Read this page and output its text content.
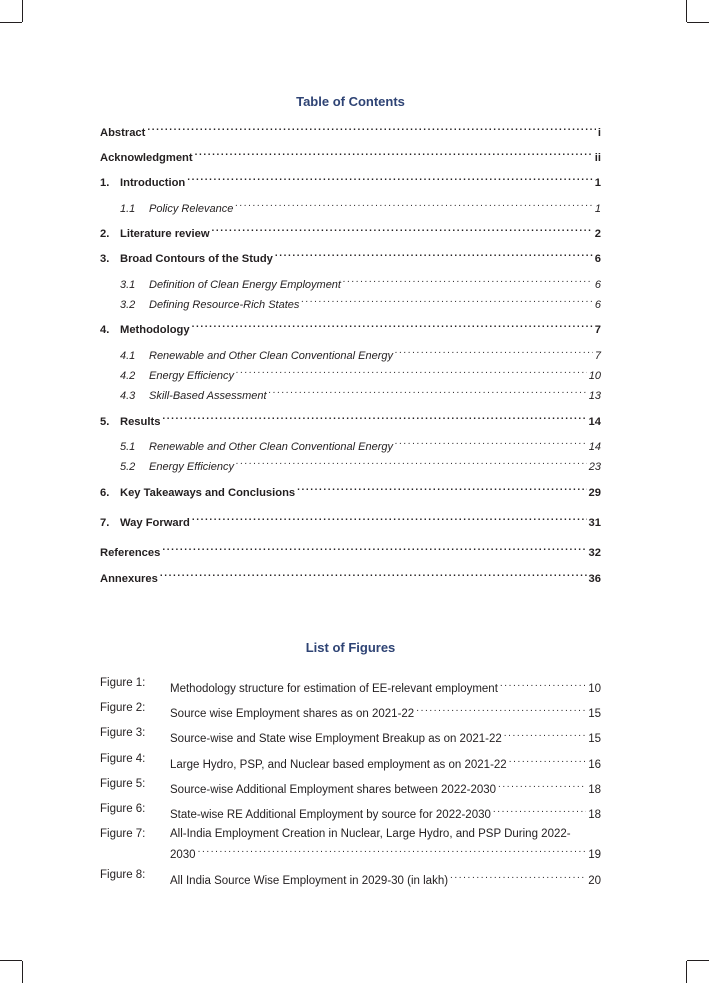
Table of Contents
Abstract .....	i
Acknowledgment .....	ii
1. Introduction .....	1
1.1	Policy Relevance .....	1
2. Literature review .....	2
3. Broad Contours of the Study .....	6
3.1	Definition of Clean Energy Employment .....	6
3.2	Defining Resource-Rich States .....	6
4. Methodology .....	7
4.1	Renewable and Other Clean Conventional Energy .....	7
4.2	Energy Efficiency .....	10
4.3	Skill-Based Assessment .....	13
5. Results .....	14
5.1	Renewable and Other Clean Conventional Energy .....	14
5.2	Energy Efficiency .....	23
6. Key Takeaways and Conclusions .....	29
7. Way Forward .....	31
References .....	32
Annexures .....	36
List of Figures
Figure 1: Methodology structure for estimation of EE-relevant employment .....	10
Figure 2: Source wise Employment shares as on 2021-22 .....	15
Figure 3: Source-wise and State wise Employment Breakup as on 2021-22 .....	15
Figure 4: Large Hydro, PSP, and Nuclear based employment as on 2021-22 .....	16
Figure 5: Source-wise Additional Employment shares between 2022-2030 .....	18
Figure 6: State-wise RE Additional Employment by source for 2022-2030 .....	18
Figure 7: All-India Employment Creation in Nuclear, Large Hydro, and PSP During 2022-
2030 .....	19
Figure 8: All India Source Wise Employment in 2029-30 (in lakh) .....	20
